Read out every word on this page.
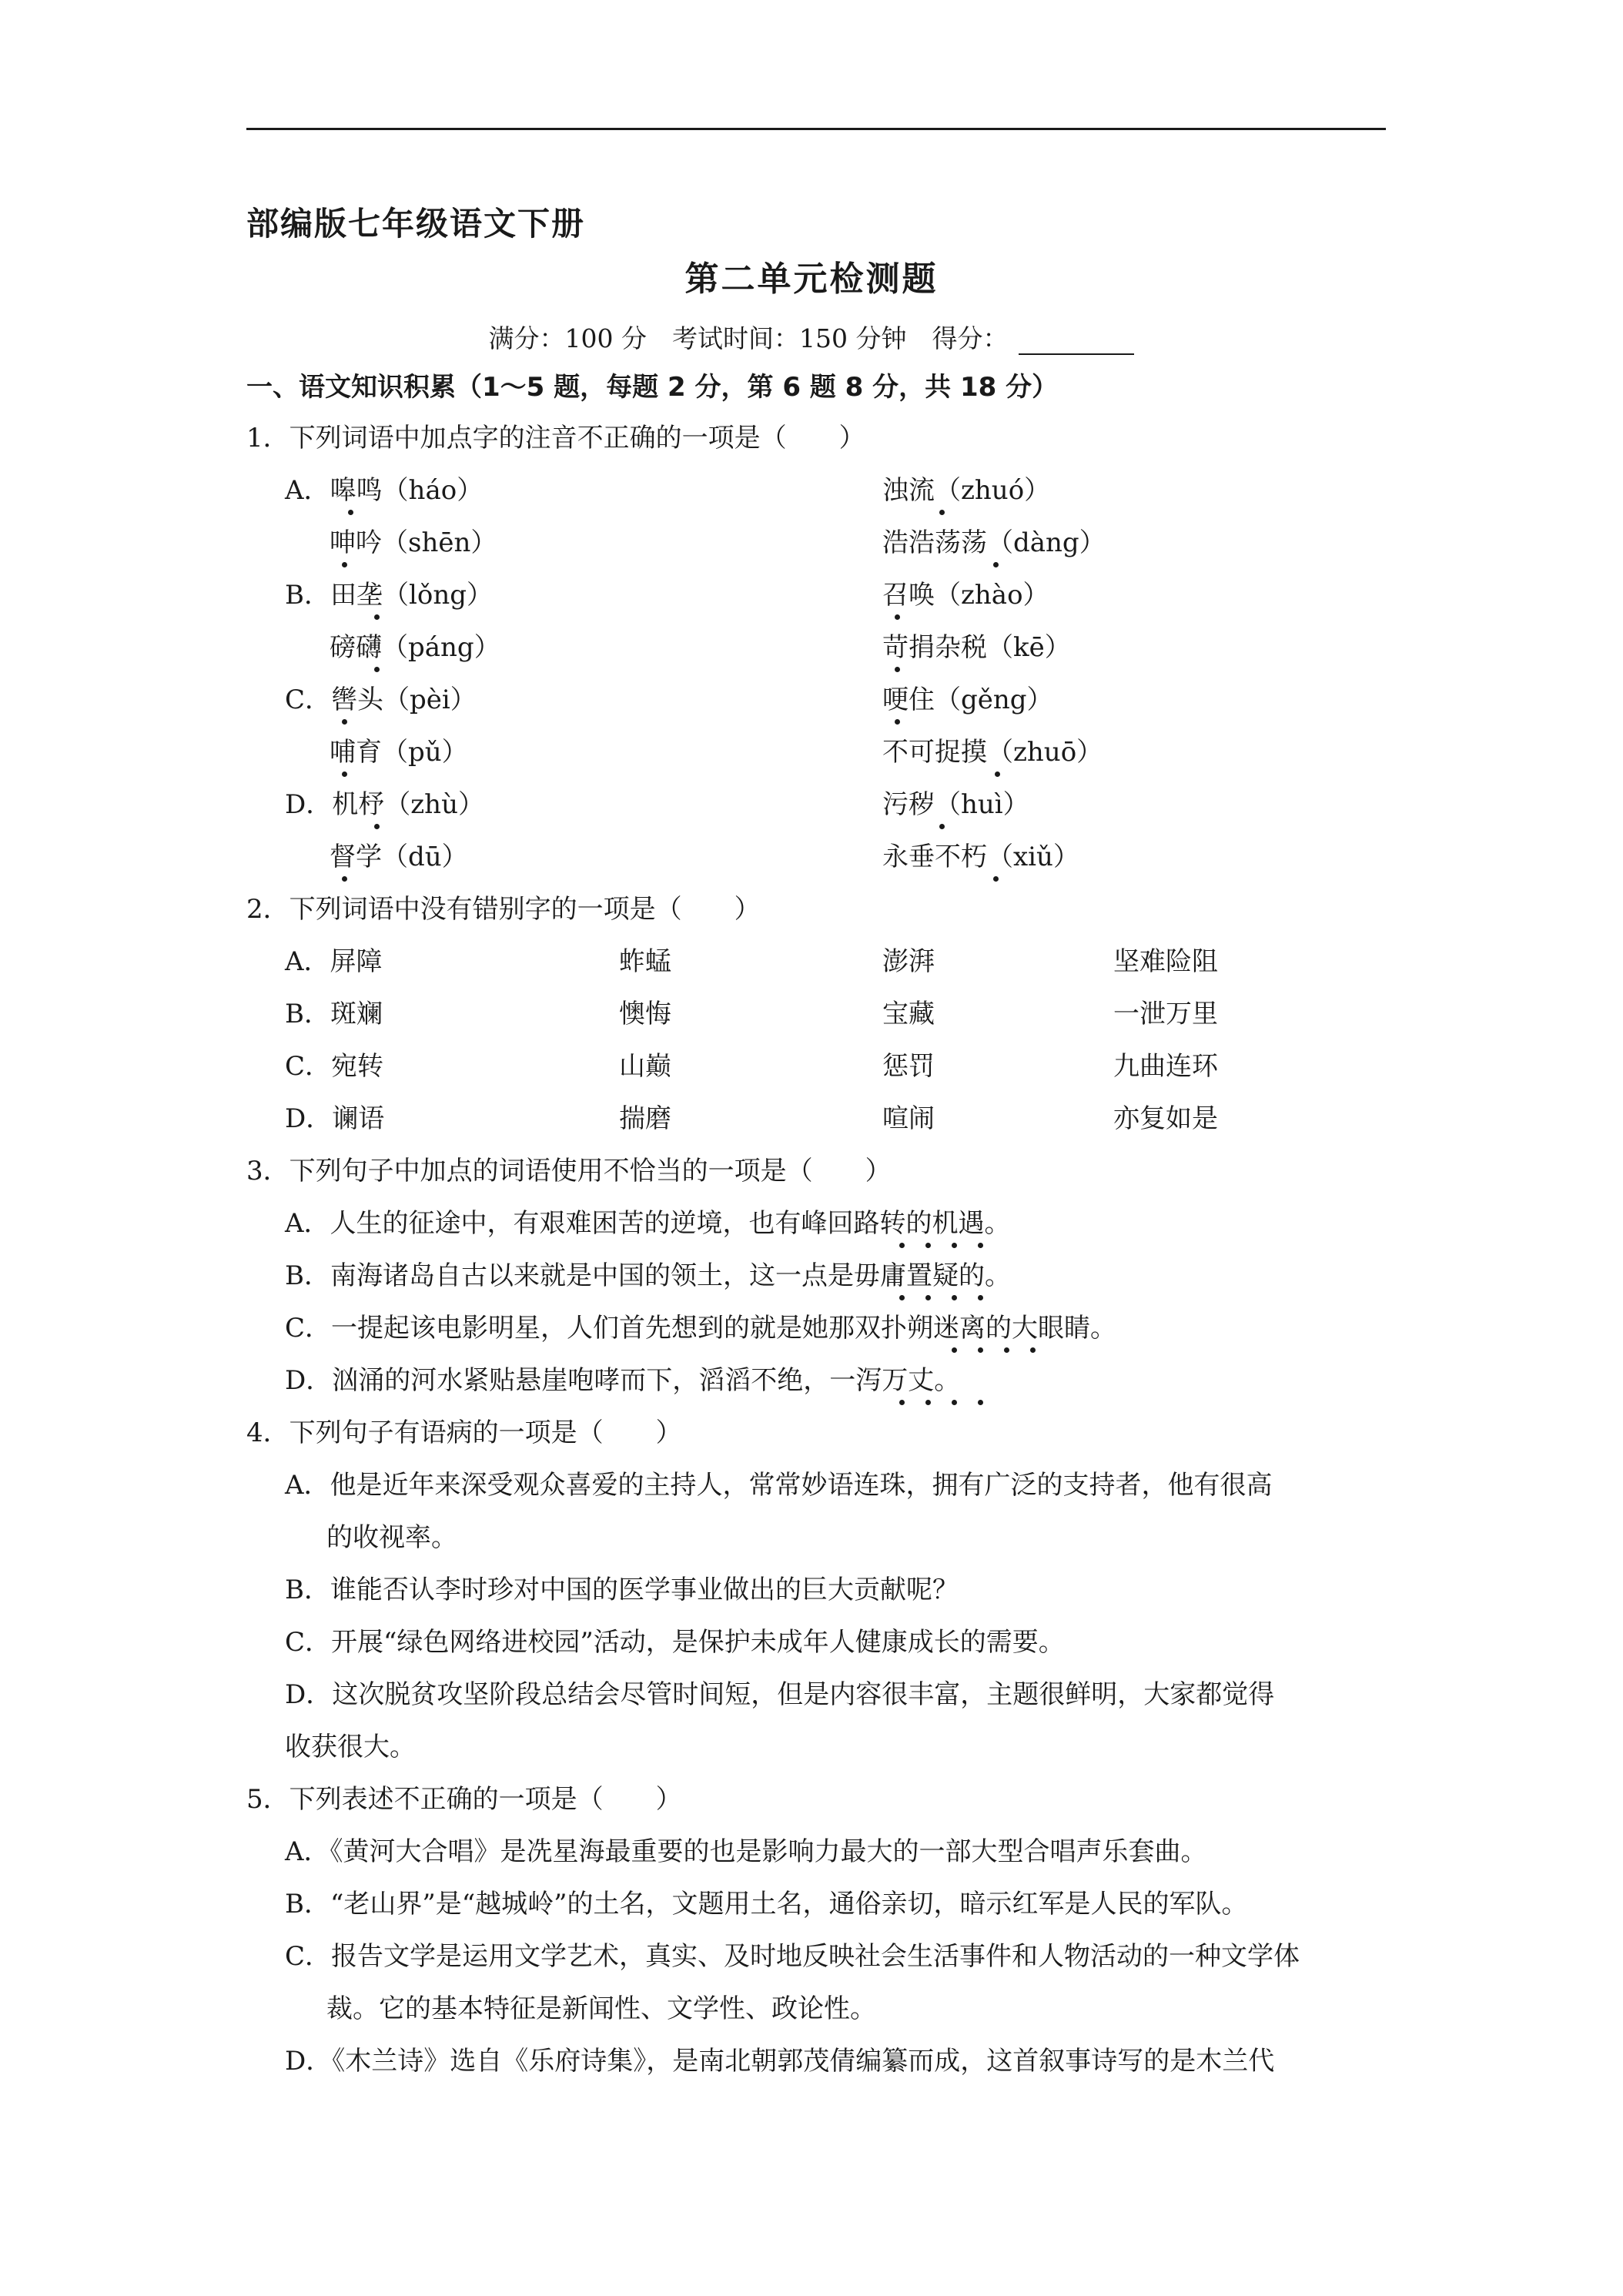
部编版七年级语文下册
第二单元检测题
满分：100 分　考试时间：150 分钟　得分：
一、语文知识积累（1～5 题，每题 2 分，第 6 题 8 分，共 18 分）
1．下列词语中加点字的注音不正确的一项是（　　）
A．嗥鸣（háo）	浊流（zhuó）
呻吟（shēn）	浩浩荡荡（dàng）
B．田垄（lǒng）	召唤（zhào）
磅礴（páng）	苛捐杂税（kē）
C．辔头（pèi）	哽住（gěng）
哺育（pǔ）	不可捉摸（zhuō）
D．机杼（zhù）	污秽（huì）
督学（dū）	永垂不朽（xiǔ）
2．下列词语中没有错别字的一项是（　　）
A．屏障	蚱蜢	澎湃	坚难险阻
B．斑斓	懊悔	宝藏	一泄万里
C．宛转	山巅	惩罚	九曲连环
D．谰语	揣磨	喧闹	亦复如是
3．下列句子中加点的词语使用不恰当的一项是（　　）
A．人生的征途中，有艰难困苦的逆境，也有峰回路转的机遇。
B．南海诸岛自古以来就是中国的领土，这一点是毋庸置疑的。
C．一提起该电影明星，人们首先想到的就是她那双扑朔迷离的大眼睛。
D．汹涌的河水紧贴悬崖咆哮而下，滔滔不绝，一泻万丈。
4．下列句子有语病的一项是（　　）
A．他是近年来深受观众喜爱的主持人，常常妙语连珠，拥有广泛的支持者，他有很高
的收视率。
B．谁能否认李时珍对中国的医学事业做出的巨大贡献呢？
C．开展“绿色网络进校园”活动，是保护未成年人健康成长的需要。
D．这次脱贫攻坚阶段总结会尽管时间短，但是内容很丰富，主题很鲜明，大家都觉得
收获很大。
5．下列表述不正确的一项是（　　）
A．《黄河大合唱》是冼星海最重要的也是影响力最大的一部大型合唱声乐套曲。
B．“老山界”是“越城岭”的土名，文题用土名，通俗亲切，暗示红军是人民的军队。
C．报告文学是运用文学艺术，真实、及时地反映社会生活事件和人物活动的一种文学体
裁。它的基本特征是新闻性、文学性、政论性。
D．《木兰诗》选自《乐府诗集》，是南北朝郭茂倩编纂而成，这首叙事诗写的是木兰代
